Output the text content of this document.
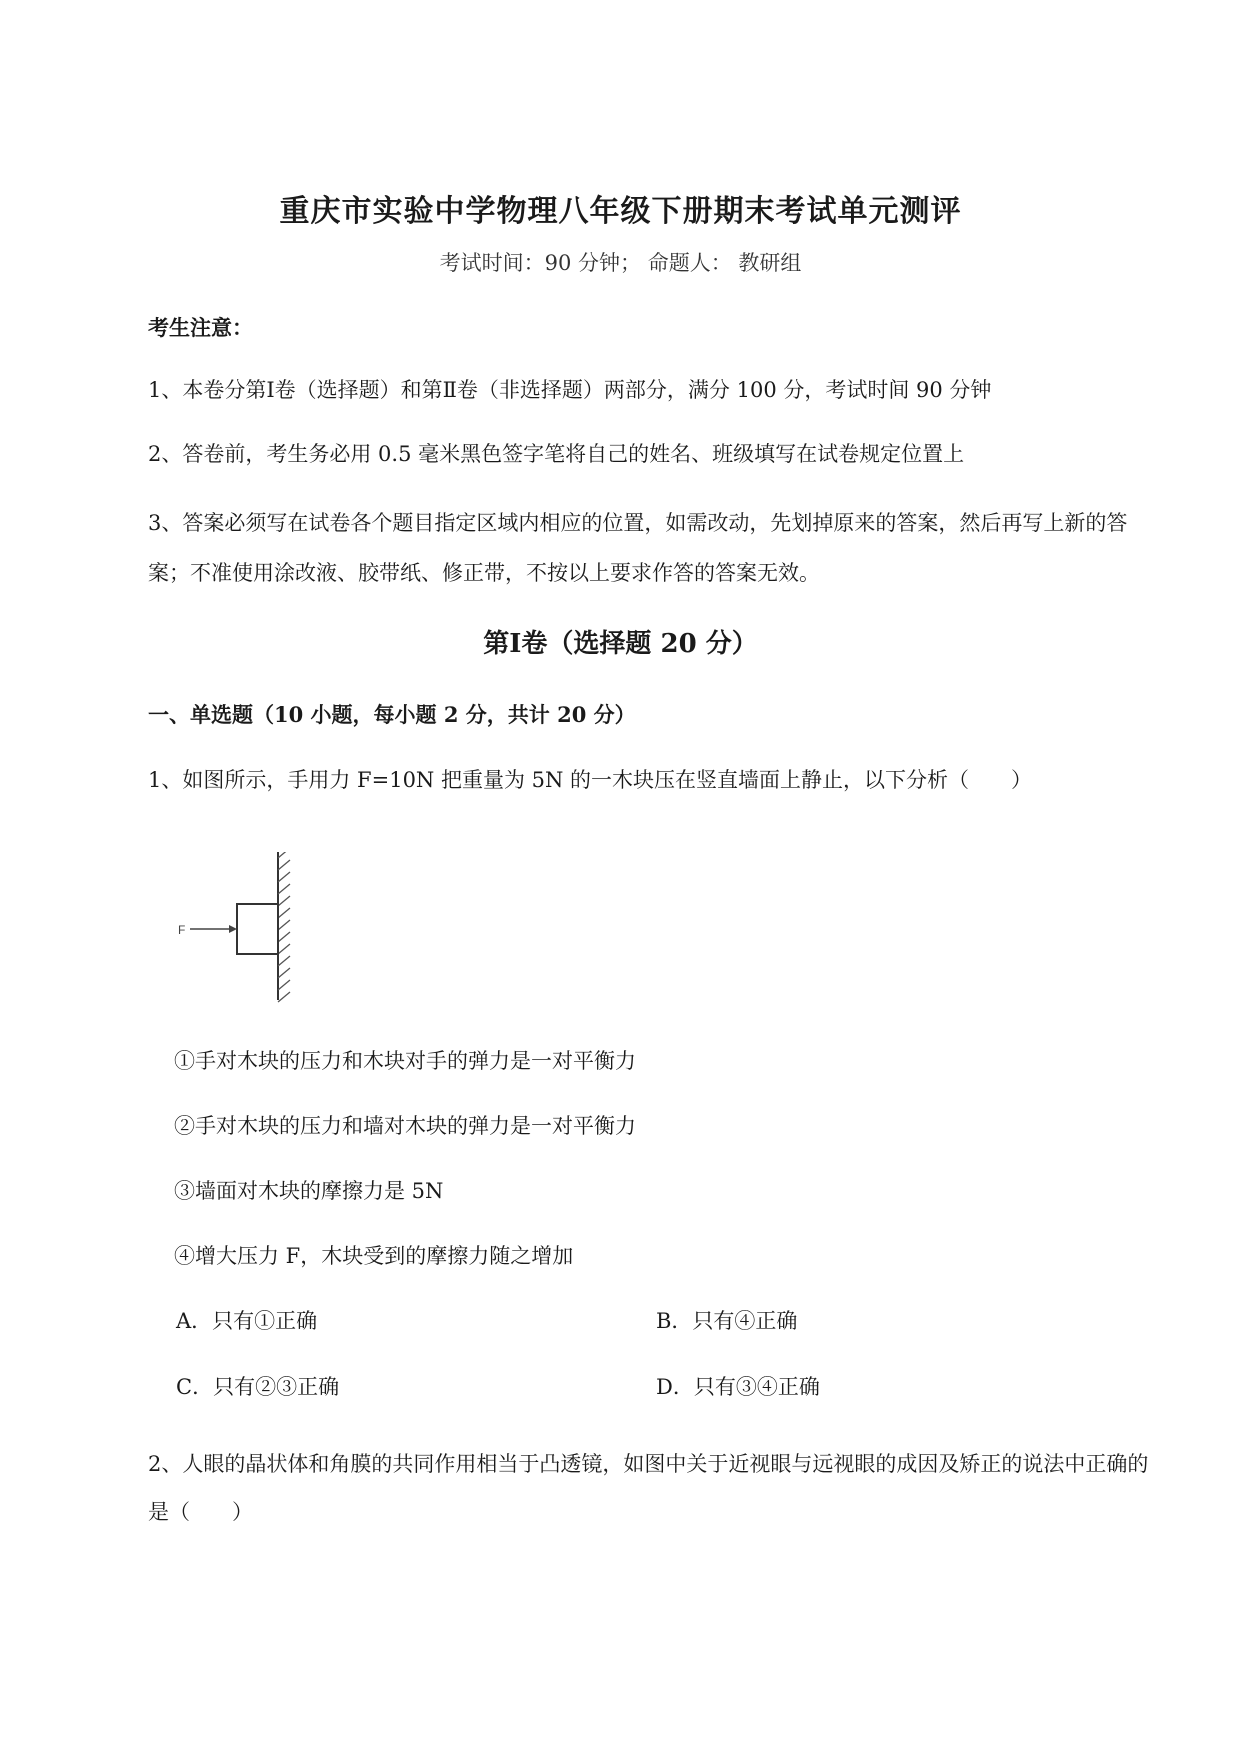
重庆市实验中学物理八年级下册期末考试单元测评
考试时间：90 分钟； 命题人： 教研组
考生注意：
1、本卷分第Ⅰ卷（选择题）和第Ⅱ卷（非选择题）两部分，满分 100 分，考试时间 90 分钟
2、答卷前，考生务必用 0.5 毫米黑色签字笔将自己的姓名、班级填写在试卷规定位置上
3、答案必须写在试卷各个题目指定区域内相应的位置，如需改动，先划掉原来的答案，然后再写上新的答案；不准使用涂改液、胶带纸、修正带，不按以上要求作答的答案无效。
第Ⅰ卷（选择题 20 分）
一、单选题（10 小题，每小题 2 分，共计 20 分）
1、如图所示，手用力 F=10N 把重量为 5N 的一木块压在竖直墙面上静止，以下分析（　　）
F
①手对木块的压力和木块对手的弹力是一对平衡力
②手对木块的压力和墙对木块的弹力是一对平衡力
③墙面对木块的摩擦力是 5N
④增大压力 F，木块受到的摩擦力随之增加
A．只有①正确	B．只有④正确
C．只有②③正确	D．只有③④正确
2、人眼的晶状体和角膜的共同作用相当于凸透镜，如图中关于近视眼与远视眼的成因及矫正的说法中正确的是（　　）
